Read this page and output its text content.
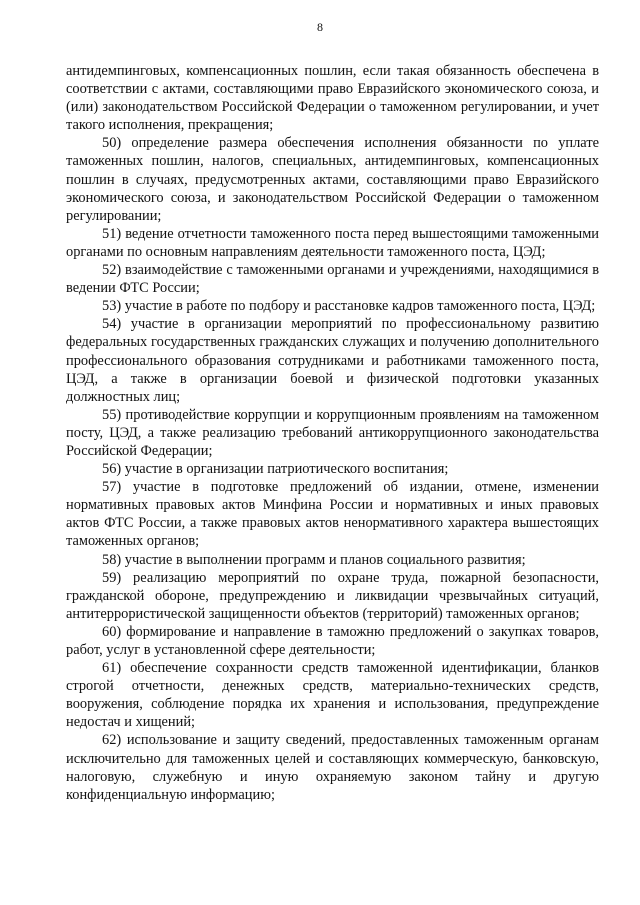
8

антидемпинговых, компенсационных пошлин, если такая обязанность обеспечена в соответствии с актами, составляющими право Евразийского экономического союза, и (или) законодательством Российской Федерации о таможенном регулировании, и учет такого исполнения, прекращения;

50) определение размера обеспечения исполнения обязанности по уплате таможенных пошлин, налогов, специальных, антидемпинговых, компенсационных пошлин в случаях, предусмотренных актами, составляющими право Евразийского экономического союза, и законодательством Российской Федерации о таможенном регулировании;

51) ведение отчетности таможенного поста перед вышестоящими таможенными органами по основным направлениям деятельности таможенного поста, ЦЭД;

52) взаимодействие с таможенными органами и учреждениями, находящимися в ведении ФТС России;

53) участие в работе по подбору и расстановке кадров таможенного поста, ЦЭД;

54) участие в организации мероприятий по профессиональному развитию федеральных государственных гражданских служащих и получению дополнительного профессионального образования сотрудниками и работниками таможенного поста, ЦЭД, а также в организации боевой и физической подготовки указанных должностных лиц;

55) противодействие коррупции и коррупционным проявлениям на таможенном посту, ЦЭД, а также реализацию требований антикоррупционного законодательства Российской Федерации;

56) участие в организации патриотического воспитания;

57) участие в подготовке предложений об издании, отмене, изменении нормативных правовых актов Минфина России и нормативных и иных правовых актов ФТС России, а также правовых актов ненормативного характера вышестоящих таможенных органов;

58) участие в выполнении программ и планов социального развития;

59) реализацию мероприятий по охране труда, пожарной безопасности, гражданской обороне, предупреждению и ликвидации чрезвычайных ситуаций, антитеррористической защищенности объектов (территорий) таможенных органов;

60) формирование и направление в таможню предложений о закупках товаров, работ, услуг в установленной сфере деятельности;

61) обеспечение сохранности средств таможенной идентификации, бланков строгой отчетности, денежных средств, материально-технических средств, вооружения, соблюдение порядка их хранения и использования, предупреждение недостач и хищений;

62) использование и защиту сведений, предоставленных таможенным органам исключительно для таможенных целей и составляющих коммерческую, банковскую, налоговую, служебную и иную охраняемую законом тайну и другую конфиденциальную информацию;
